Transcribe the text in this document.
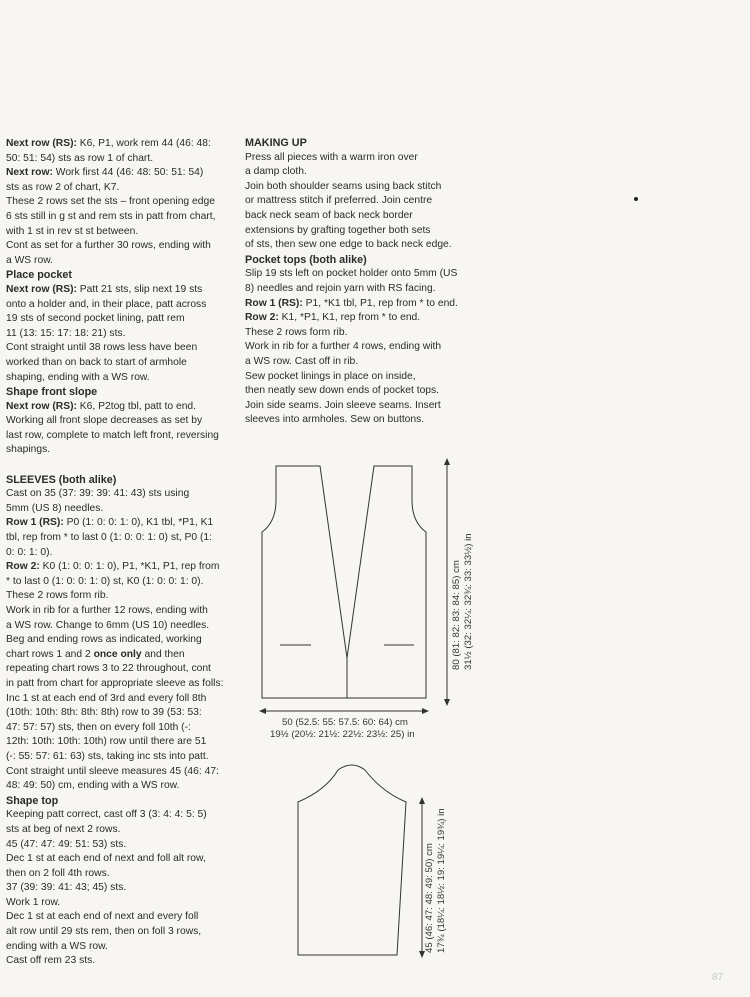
Next row (RS): K6, P1, work rem 44 (46: 48:

50: 51: 54) sts as row 1 of chart.

Next row: Work first 44 (46: 48: 50: 51: 54)

sts as row 2 of chart, K7.

These 2 rows set the sts – front opening edge

6 sts still in g st and rem sts in patt from chart,

with 1 st in rev st st between.

Cont as set for a further 30 rows, ending with

a WS row.

Place pocket

Next row (RS): Patt 21 sts, slip next 19 sts

onto a holder and, in their place, patt across

19 sts of second pocket lining, patt rem

11 (13: 15: 17: 18: 21) sts.

Cont straight until 38 rows less have been

worked than on back to start of armhole

shaping, ending with a WS row.

Shape front slope

Next row (RS): K6, P2tog tbl, patt to end.

Working all front slope decreases as set by

last row, complete to match left front, reversing

shapings.

SLEEVES (both alike)

Cast on 35 (37: 39: 39: 41: 43) sts using

5mm (US 8) needles.

Row 1 (RS): P0 (1: 0: 0: 1: 0), K1 tbl, *P1, K1

tbl, rep from * to last 0 (1: 0: 0: 1: 0) st, P0 (1:

0: 0: 1: 0).

Row 2: K0 (1: 0: 0: 1: 0), P1, *K1, P1, rep from

* to last 0 (1: 0: 0: 1: 0) st, K0 (1: 0: 0: 1: 0).

These 2 rows form rib.

Work in rib for a further 12 rows, ending with

a WS row. Change to 6mm (US 10) needles.

Beg and ending rows as indicated, working

chart rows 1 and 2 once only and then

repeating chart rows 3 to 22 throughout, cont

in patt from chart for appropriate sleeve as folls:

Inc 1 st at each end of 3rd and every foll 8th

(10th: 10th: 8th: 8th: 8th) row to 39 (53: 53:

47: 57: 57) sts, then on every foll 10th (-:

12th: 10th: 10th: 10th) row until there are 51

(-: 55: 57: 61: 63) sts, taking inc sts into patt.

Cont straight until sleeve measures 45 (46: 47:

48: 49: 50) cm, ending with a WS row.

Shape top

Keeping patt correct, cast off 3 (3: 4: 4: 5: 5)

sts at beg of next 2 rows.

45 (47: 47: 49: 51: 53) sts.

Dec 1 st at each end of next and foll alt row,

then on 2 foll 4th rows.

37 (39: 39: 41: 43; 45) sts.

Work 1 row.

Dec 1 st at each end of next and every foll

alt row until 29 sts rem, then on foll 3 rows,

ending with a WS row.

Cast off rem 23 sts.

MAKING UP

Press all pieces with a warm iron over

a damp cloth.

Join both shoulder seams using back stitch

or mattress stitch if preferred. Join centre

back neck seam of back neck border

extensions by grafting together both sets

of sts, then sew one edge to back neck edge.

Pocket tops (both alike)

Slip 19 sts left on pocket holder onto 5mm (US

8) needles and rejoin yarn with RS facing.

Row 1 (RS): P1, *K1 tbl, P1, rep from * to end.

Row 2: K1, *P1, K1, rep from * to end.

These 2 rows form rib.

Work in rib for a further 4 rows, ending with

a WS row. Cast off in rib.

Sew pocket linings in place on inside,

then neatly sew down ends of pocket tops.

Join side seams. Join sleeve seams. Insert

sleeves into armholes. Sew on buttons.

80 (81: 82: 83: 84: 85) cm 31½ (32: 32¼: 32¾: 33: 33½) in
50 (52.5: 55: 57.5: 60: 64) cm
19½ (20½: 21½: 22½: 23½: 25) in
45 (46: 47: 48: 49: 50) cm 17¾ (18¼: 18½: 19: 19¼: 19¾) in
87
